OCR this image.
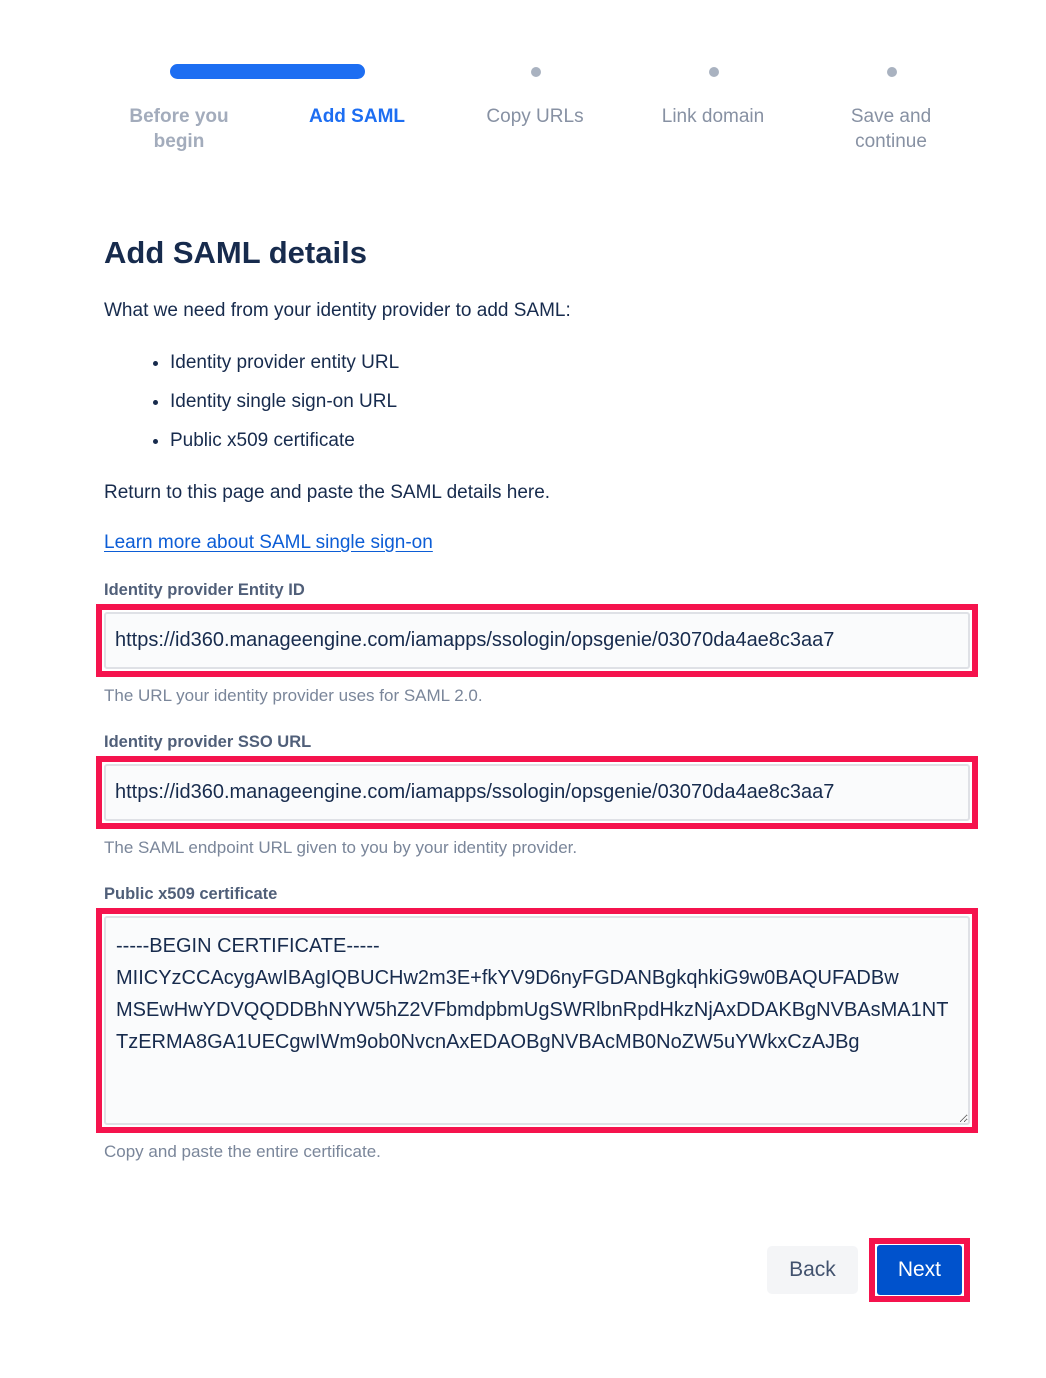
Before you begin
Add SAML	Copy URLs	Link domain	Save and continue
Add SAML details

What we need from your identity provider to add SAML:

• Identity provider entity URL
• Identity single sign-on URL
• Public x509 certificate

Return to this page and paste the SAML details here.

Learn more about SAML single sign-on
Identity provider Entity ID
https://id360.manageengine.com/iamapps/ssologin/opsgenie/03070da4ae8c3aa7

The URL your identity provider uses for SAML 2.0.

Identity provider SSO URL
https://id360.manageengine.com/iamapps/ssologin/opsgenie/03070da4ae8c3aa7

The SAML endpoint URL given to you by your identity provider.

Public x509 certificate
-----BEGIN CERTIFICATE----- MIICYzCCAcygAwIBAgIQBUCHw2m3E+fkYV9D6nyFGDANBgkqhkiG9w0BAQUFADBw MSEwHwYDVQQDDBhNYW5hZ2VFbmdpbmUgSWRlbnRpdHkzNjAxDDAKBgNVBAsMA1NT TzERMA8GA1UECgwIWm9ob0NvcnAxEDAOBgNVBAcMB0NoZW5uYWkxCzAJBg

Copy and paste the entire certificate.

Back	Next
